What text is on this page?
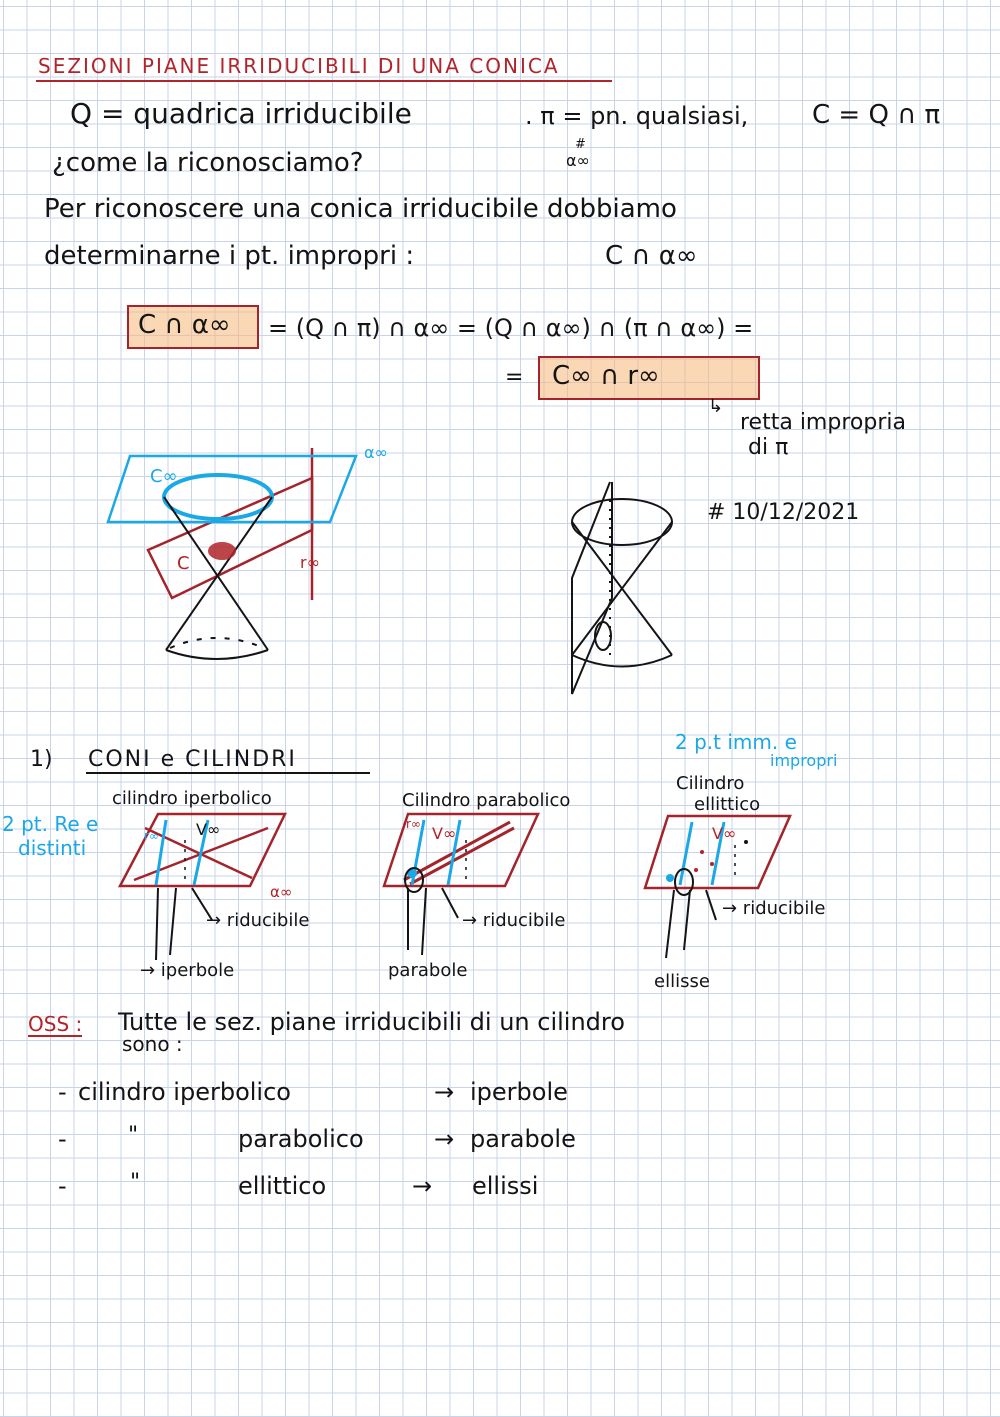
SEZIONI PIANE IRRIDUCIBILI DI UNA CONICA
Q = quadrica irriducibile	. π = pn. qualsiasi, C = Q ∩ π
¿come la riconosciamo?
#
α∞
Per riconoscere una conica irriducibile dobbiamo
determinarne i pt. impropri :	C ∩ α∞
C ∩ α∞ = (Q ∩ π) ∩ α∞ = (Q ∩ α∞) ∩ (π ∩ α∞) =
= C∞ ∩ r∞
↳
retta impropria
di π
# 10/12/2021
C∞
α∞
C	r∞
1) CONI e CILINDRI
2 p.t imm. e
impropri
2 pt. Re e
distinti
cilindro iperbolico	Cilindro parabolico
Cilindro
ellittico
r∞ V∞
α∞
→ riducibile
→ iperbole
r∞ V∞
→ riducibile
parabole
V∞
→ riducibile
ellisse
OSS : Tutte le sez. piane irriducibili di un cilindro
sono :
- cilindro iperbolico	→ iperbole
-	"	parabolico	→ parabole
-	"	ellittico	→ ellissi
